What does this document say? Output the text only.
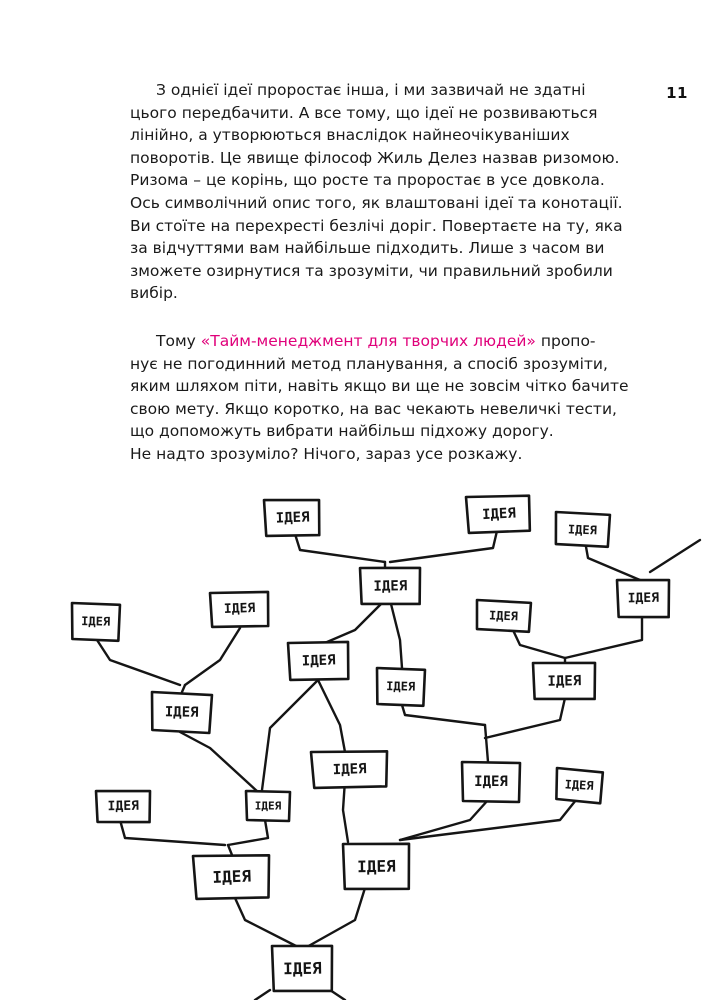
11
З однієї ідеї проростає інша, і ми зазвичай не здатні
цього передбачити. А все тому, що ідеї не розвиваються
лінійно, а утворюються внаслідок найнеочікуваніших
поворотів. Це явище філософ Жиль Делез назвав ризомою.
Ризома – це корінь, що росте та проростає в усе довкола.
Ось символічний опис того, як влаштовані ідеї та конотації.
Ви стоїте на перехресті безлічі доріг. Повертаєте на ту, яка
за відчуттями вам найбільше підходить. Лише з часом ви
зможете озирнутися та зрозуміти, чи правильний зробили
вибір.
Тому «Тайм-менеджмент для творчих людей» пропо-
нує не погодинний метод планування, а спосіб зрозуміти,
яким шляхом піти, навіть якщо ви ще не зовсім чітко бачите
свою мету. Якщо коротко, на вас чекають невеличкі тести,
що допоможуть вибрати найбільш підхожу дорогу.
Не надто зрозуміло? Нічого, зараз усе розкажу.
ІДЕЯ	ІДЕЯ
ІДЕЯ
ІДЕЯ
ІДЕЯ
ІДЕЯ
ІДЕЯ	ІДЕЯ
ІДЕЯ
ІДЕЯ	ІДЕЯ
ІДЕЯ
ІДЕЯ
ІДЕЯ	ІДЕЯ
ІДЕЯ	ІДЕЯ
ІДЕЯ
ІДЕЯ
ІДЕЯ
